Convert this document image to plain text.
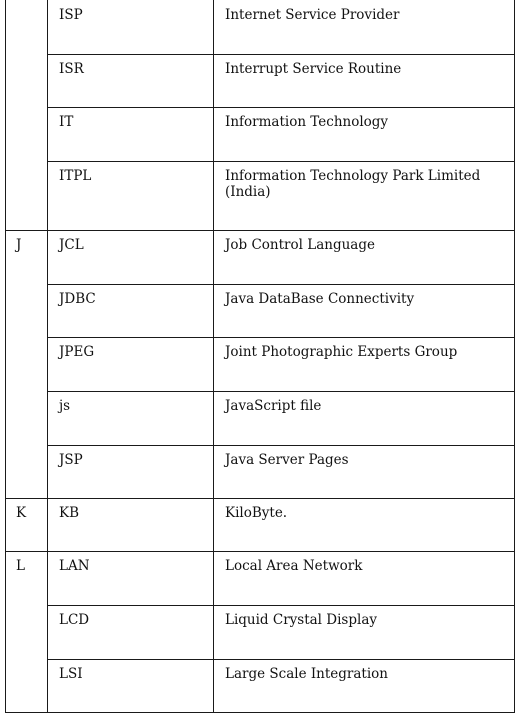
ISP	Internet Service Provider
ISR	Interrupt Service Routine
IT	Information Technology
ITPL	Information Technology Park Limited (India)
J	JCL	Job Control Language
JDBC	Java DataBase Connectivity
JPEG	Joint Photographic Experts Group
js	JavaScript file
JSP	Java Server Pages
K	KB	KiloByte.
L	LAN	Local Area Network
LCD	Liquid Crystal Display
LSI	Large Scale Integration
